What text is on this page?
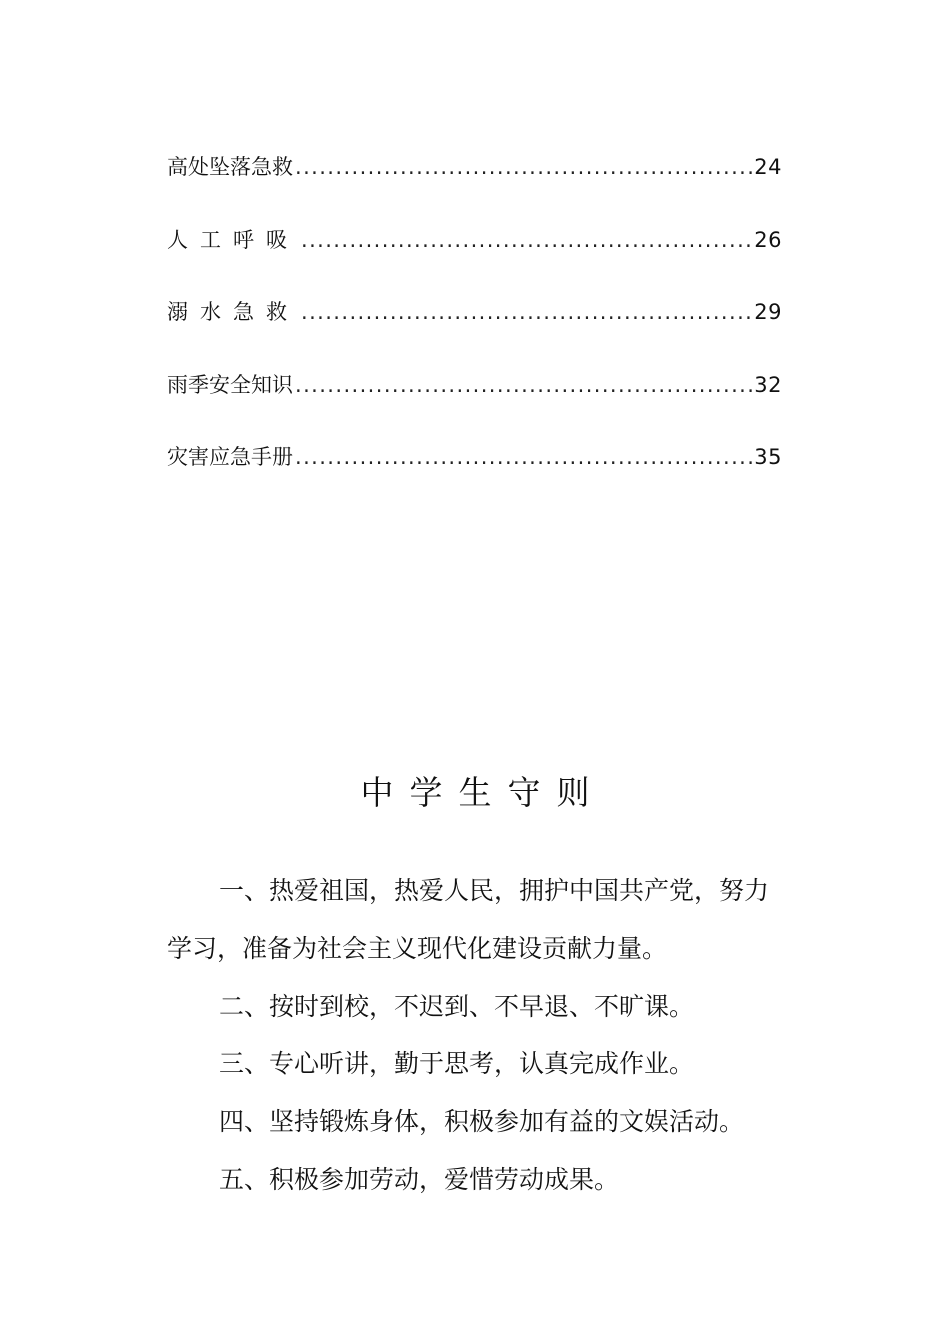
高处坠落急救 .....	24
人工呼吸 .....	26
溺水急救 .....	29
雨季安全知识 .....	32
灾害应急手册 .....	35
中学生守则

一、热爱祖国，热爱人民，拥护中国共产党，努力学习，准备为社会主义现代化建设贡献力量。

二、按时到校，不迟到、不早退、不旷课。

三、专心听讲，勤于思考，认真完成作业。

四、坚持锻炼身体，积极参加有益的文娱活动。

五、积极参加劳动，爱惜劳动成果。
